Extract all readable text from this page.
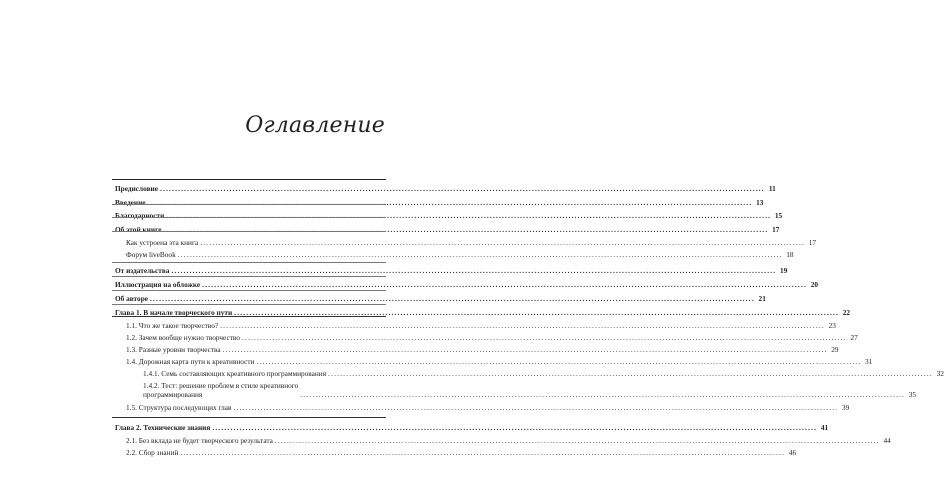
Оглавление
Предисловие ........................................................................................................................................................................................................ 11
Введение ........................................................................................................................................................................................................ 13
Благодарности ........................................................................................................................................................................................................ 15
Об этой книге ........................................................................................................................................................................................................ 17
Как устроена эта книга ........................................................................................................................................................................................................ 17
Форум liveBook ........................................................................................................................................................................................................ 18
От издательства ........................................................................................................................................................................................................ 19
Иллюстрация на обложке ........................................................................................................................................................................................................ 20
Об авторе ........................................................................................................................................................................................................ 21
Глава 1. В начале творческого пути ........................................................................................................................................................................................................ 22
1.1. Что же такое творчество? ........................................................................................................................................................................................................ 23
1.2. Зачем вообще нужно творчество ........................................................................................................................................................................................................ 27
1.3. Разные уровни творчества ........................................................................................................................................................................................................ 29
1.4. Дорожная карта пути к креативности ........................................................................................................................................................................................................ 31
1.4.1. Семь составляющих креативного программирования ........................................................................................................................................................................................................ 32
1.4.2. Тест: решение проблем в стиле креативного
программирования	........................................................................................................................................................................................................ 35
1.5. Структура последующих глав ........................................................................................................................................................................................................ 39
Глава 2. Технические знания ........................................................................................................................................................................................................ 41
2.1. Без вклада не будет творческого результата ........................................................................................................................................................................................................ 44
2.2. Сбор знаний ........................................................................................................................................................................................................ 46
